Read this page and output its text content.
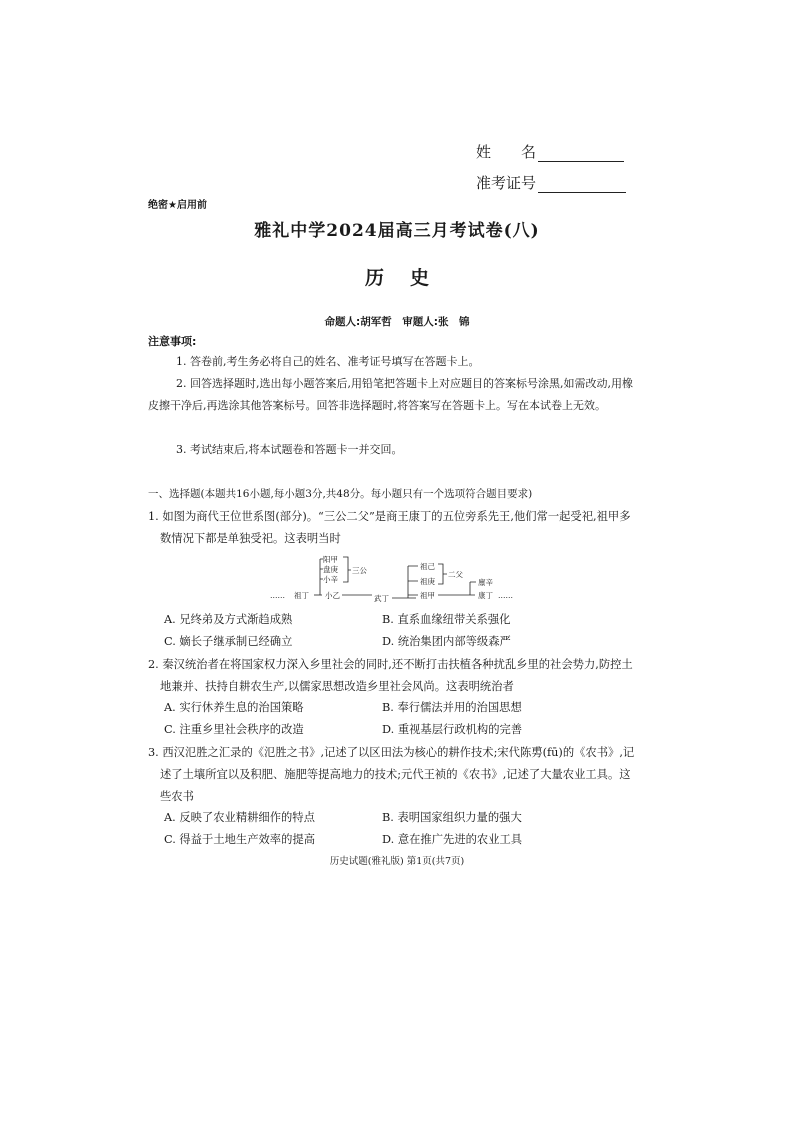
姓　　名
准考证号
绝密★启用前
雅礼中学2024届高三月考试卷(八)
历史
命题人:胡军哲　审题人:张　锦
注意事项:
1. 答卷前,考生务必将自己的姓名、准考证号填写在答题卡上。
2. 回答选择题时,选出每小题答案后,用铅笔把答题卡上对应题目的答案标号涂黑,如需改动,用橡皮擦干净后,再选涂其他答案标号。回答非选择题时,将答案写在答题卡上。写在本试卷上无效。
3. 考试结束后,将本试题卷和答题卡一并交回。
一、选择题(本题共16小题,每小题3分,共48分。每小题只有一个选项符合题目要求)
1. 如图为商代王位世系图(部分)。“三公二父”是商王康丁的五位旁系先王,他们常一起受祀,祖甲多数情况下都是单独受祀。这表明当时
阳甲
盘庚
小辛
三公
…… 祖丁 小乙	武丁
祖己
祖庚
二父
祖甲
廪辛
康丁 ……
A. 兄终弟及方式渐趋成熟	B. 直系血缘纽带关系强化
C. 嫡长子继承制已经确立	D. 统治集团内部等级森严
2. 秦汉统治者在将国家权力深入乡里社会的同时,还不断打击扶植各种扰乱乡里的社会势力,防控土地兼并、扶持自耕农生产,以儒家思想改造乡里社会风尚。这表明统治者
A. 实行休养生息的治国策略	B. 奉行儒法并用的治国思想
C. 注重乡里社会秩序的改造	D. 重视基层行政机构的完善
3. 西汉氾胜之汇录的《氾胜之书》,记述了以区田法为核心的耕作技术;宋代陈旉(fū)的《农书》,记述了土壤所宜以及积肥、施肥等提高地力的技术;元代王祯的《农书》,记述了大量农业工具。这些农书
A. 反映了农业精耕细作的特点	B. 表明国家组织力量的强大
C. 得益于土地生产效率的提高	D. 意在推广先进的农业工具
历史试题(雅礼版) 第1页(共7页)
